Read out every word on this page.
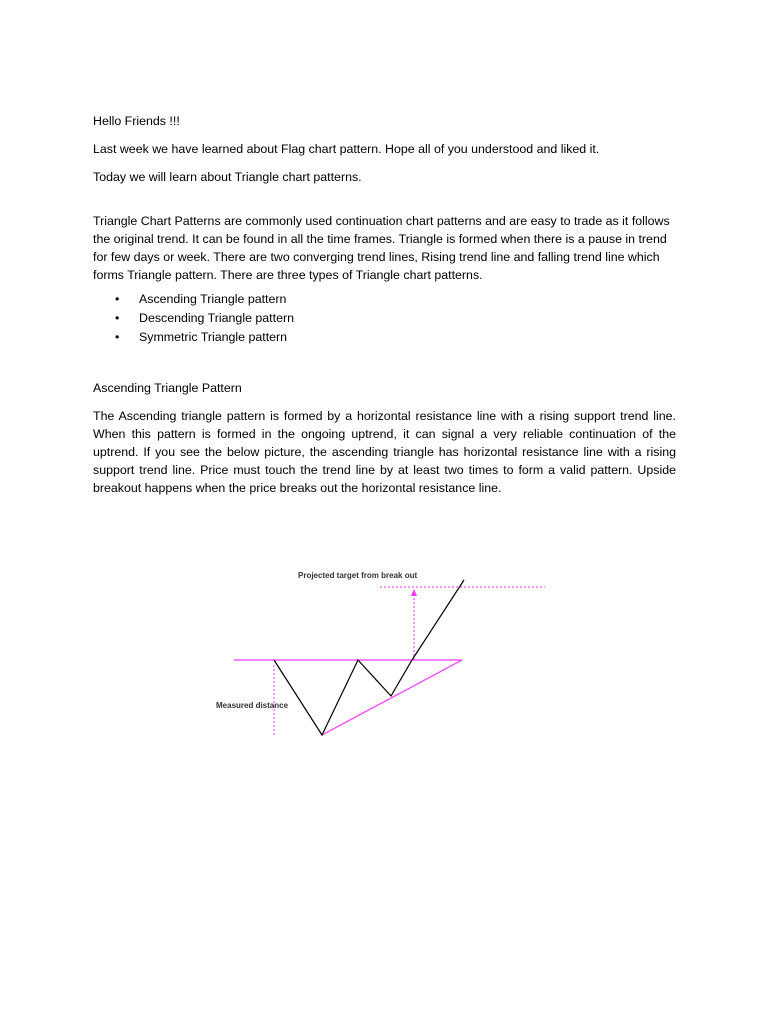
Hello Friends !!!

Last week we have learned about Flag chart pattern. Hope all of you understood and liked it.

Today we will learn about Triangle chart patterns.

Triangle Chart Patterns are commonly used continuation chart patterns and are easy to trade as it follows the original trend. It can be found in all the time frames. Triangle is formed when there is a pause in trend for few days or week. There are two converging trend lines, Rising trend line and falling trend line which forms Triangle pattern. There are three types of Triangle chart patterns.

• Ascending Triangle pattern
• Descending Triangle pattern
• Symmetric Triangle pattern

Ascending Triangle Pattern

The Ascending triangle pattern is formed by a horizontal resistance line with a rising support trend line. When this pattern is formed in the ongoing uptrend, it can signal a very reliable continuation of the uptrend. If you see the below picture, the ascending triangle has horizontal resistance line with a rising support trend line. Price must touch the trend line by at least two times to form a valid pattern. Upside breakout happens when the price breaks out the horizontal resistance line.

Projected target from break out
Measured distance
